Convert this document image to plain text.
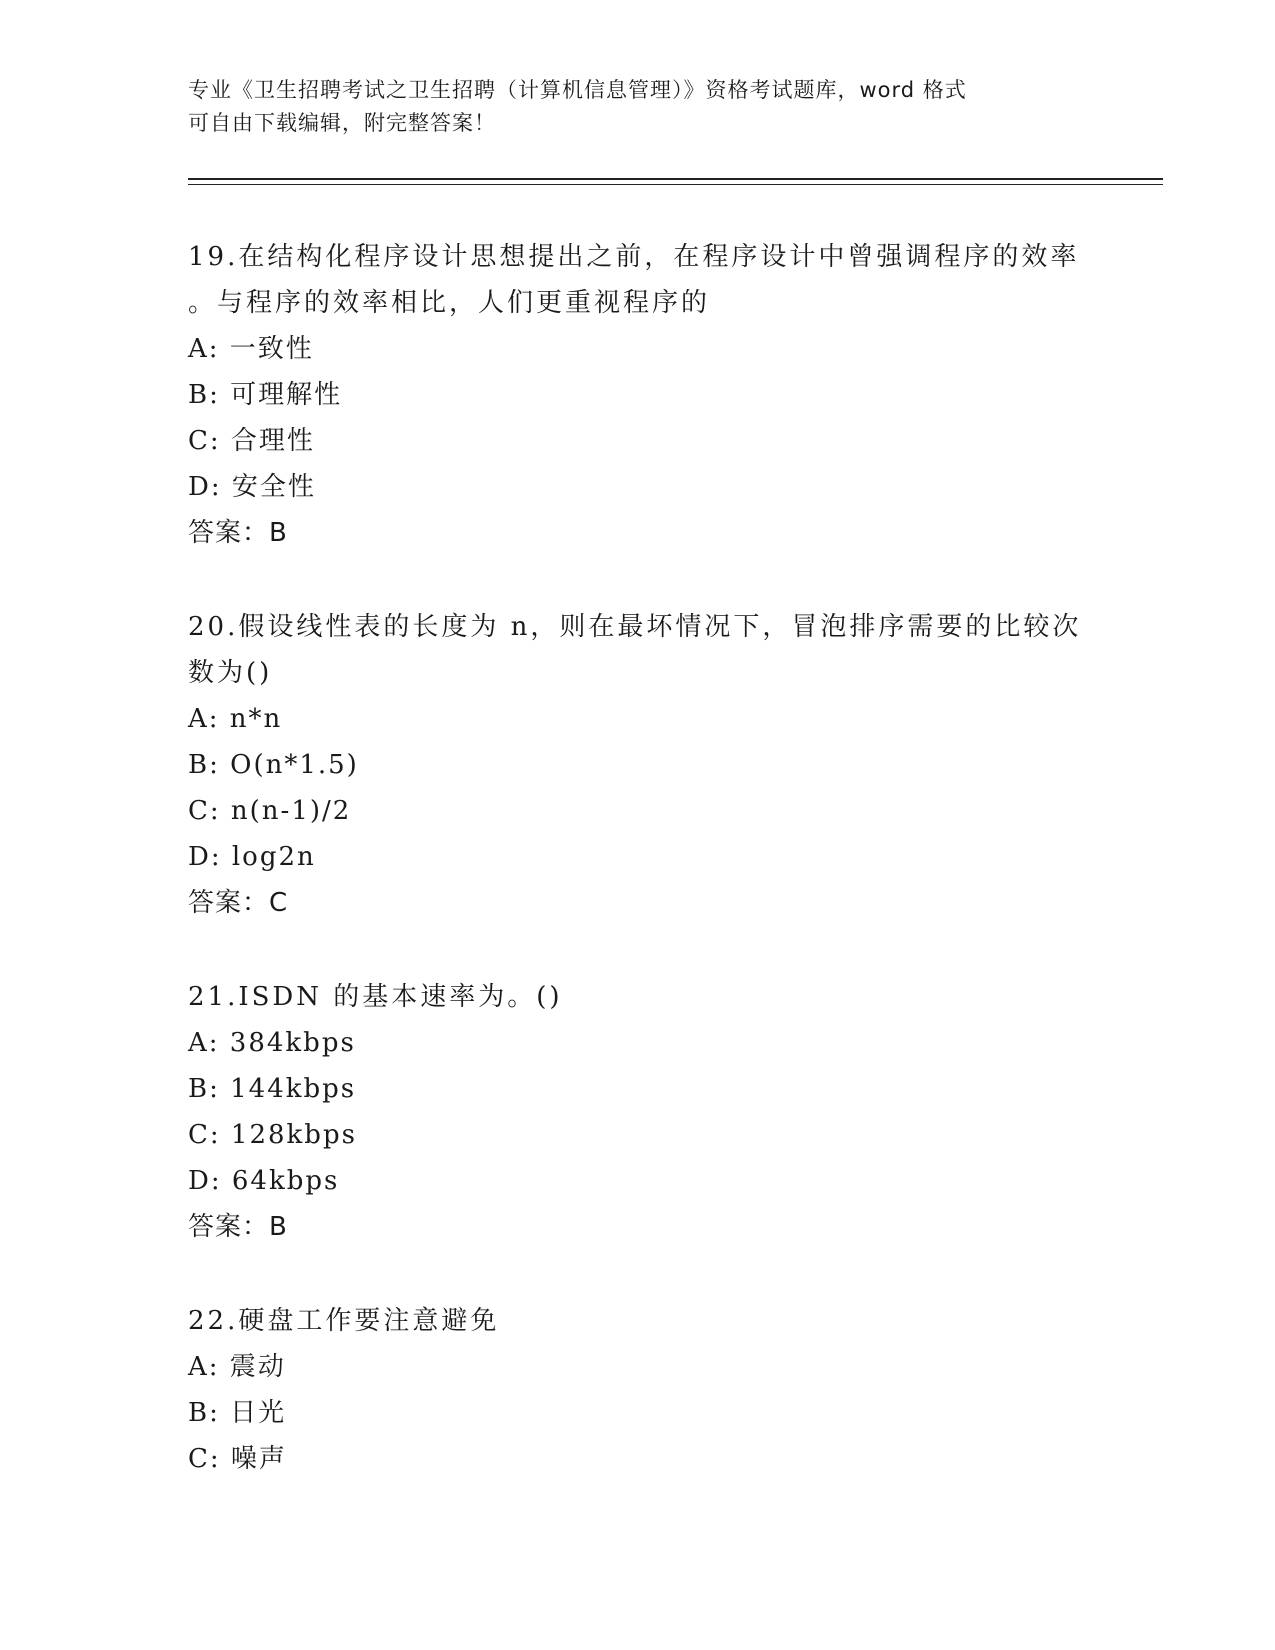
专业《卫生招聘考试之卫生招聘（计算机信息管理）》资格考试题库，word 格式
可自由下载编辑，附完整答案！

19.在结构化程序设计思想提出之前，在程序设计中曾强调程序的效率

。与程序的效率相比，人们更重视程序的

A: 一致性

B: 可理解性

C: 合理性

D: 安全性

答案：B

20.假设线性表的长度为 n，则在最坏情况下，冒泡排序需要的比较次

数为()

A: n*n

B: O(n*1.5)

C: n(n-1)/2

D: log2n

答案：C

21.ISDN 的基本速率为。()

A: 384kbps

B: 144kbps

C: 128kbps

D: 64kbps

答案：B

22.硬盘工作要注意避免

A: 震动

B: 日光

C: 噪声
